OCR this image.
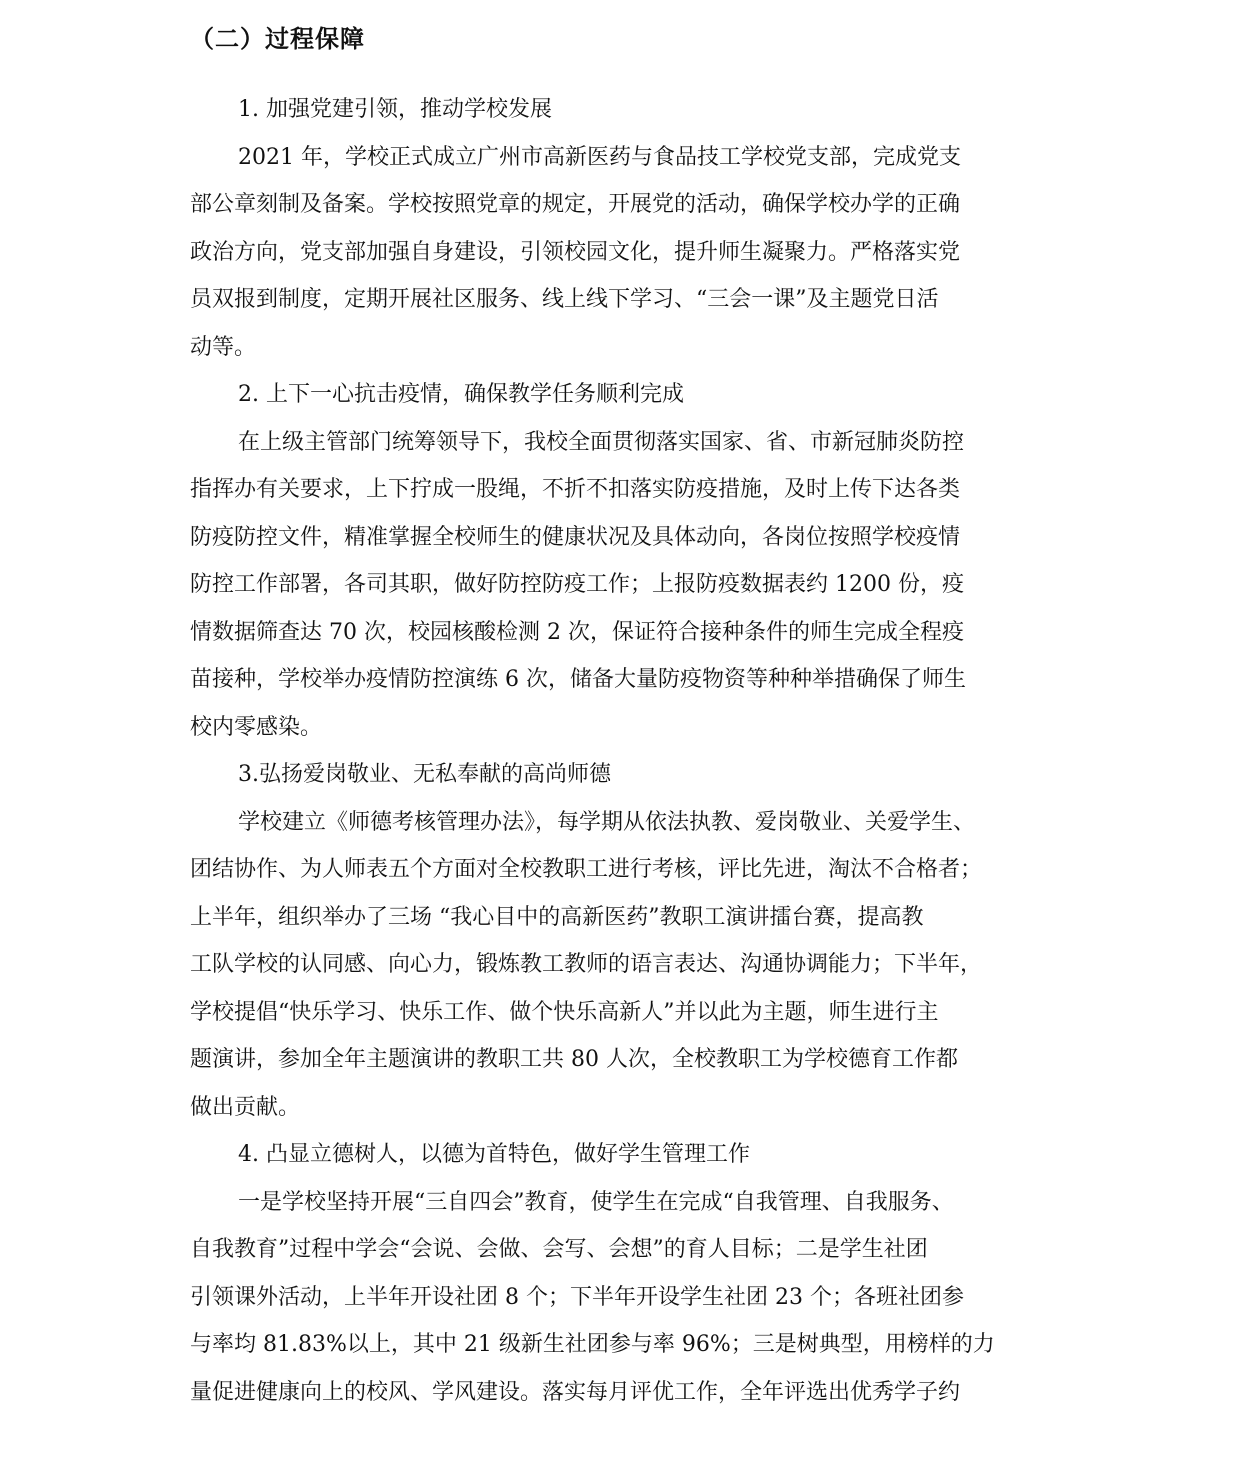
（二）过程保障
1. 加强党建引领，推动学校发展
2021 年，学校正式成立广州市高新医药与食品技工学校党支部，完成党支
部公章刻制及备案。学校按照党章的规定，开展党的活动，确保学校办学的正确
政治方向，党支部加强自身建设，引领校园文化，提升师生凝聚力。严格落实党
员双报到制度，定期开展社区服务、线上线下学习、“三会一课”及主题党日活
动等。
2. 上下一心抗击疫情，确保教学任务顺利完成
在上级主管部门统筹领导下，我校全面贯彻落实国家、省、市新冠肺炎防控
指挥办有关要求，上下拧成一股绳，不折不扣落实防疫措施，及时上传下达各类
防疫防控文件，精准掌握全校师生的健康状况及具体动向，各岗位按照学校疫情
防控工作部署，各司其职，做好防控防疫工作；上报防疫数据表约 1200 份，疫
情数据筛查达 70 次，校园核酸检测 2 次，保证符合接种条件的师生完成全程疫
苗接种，学校举办疫情防控演练 6 次，储备大量防疫物资等种种举措确保了师生
校内零感染。
3.弘扬爱岗敬业、无私奉献的高尚师德
学校建立《师德考核管理办法》，每学期从依法执教、爱岗敬业、关爱学生、
团结协作、为人师表五个方面对全校教职工进行考核，评比先进，淘汰不合格者；
上半年，组织举办了三场 “我心目中的高新医药”教职工演讲擂台赛，提高教
工队学校的认同感、向心力，锻炼教工教师的语言表达、沟通协调能力；下半年，
学校提倡“快乐学习、快乐工作、做个快乐高新人”并以此为主题，师生进行主
题演讲，参加全年主题演讲的教职工共 80 人次，全校教职工为学校德育工作都
做出贡献。
4. 凸显立德树人，以德为首特色，做好学生管理工作
一是学校坚持开展“三自四会”教育，使学生在完成“自我管理、自我服务、
自我教育”过程中学会“会说、会做、会写、会想”的育人目标；二是学生社团
引领课外活动，上半年开设社团 8 个；下半年开设学生社团 23 个；各班社团参
与率均 81.83%以上，其中 21 级新生社团参与率 96%；三是树典型，用榜样的力
量促进健康向上的校风、学风建设。落实每月评优工作，全年评选出优秀学子约
